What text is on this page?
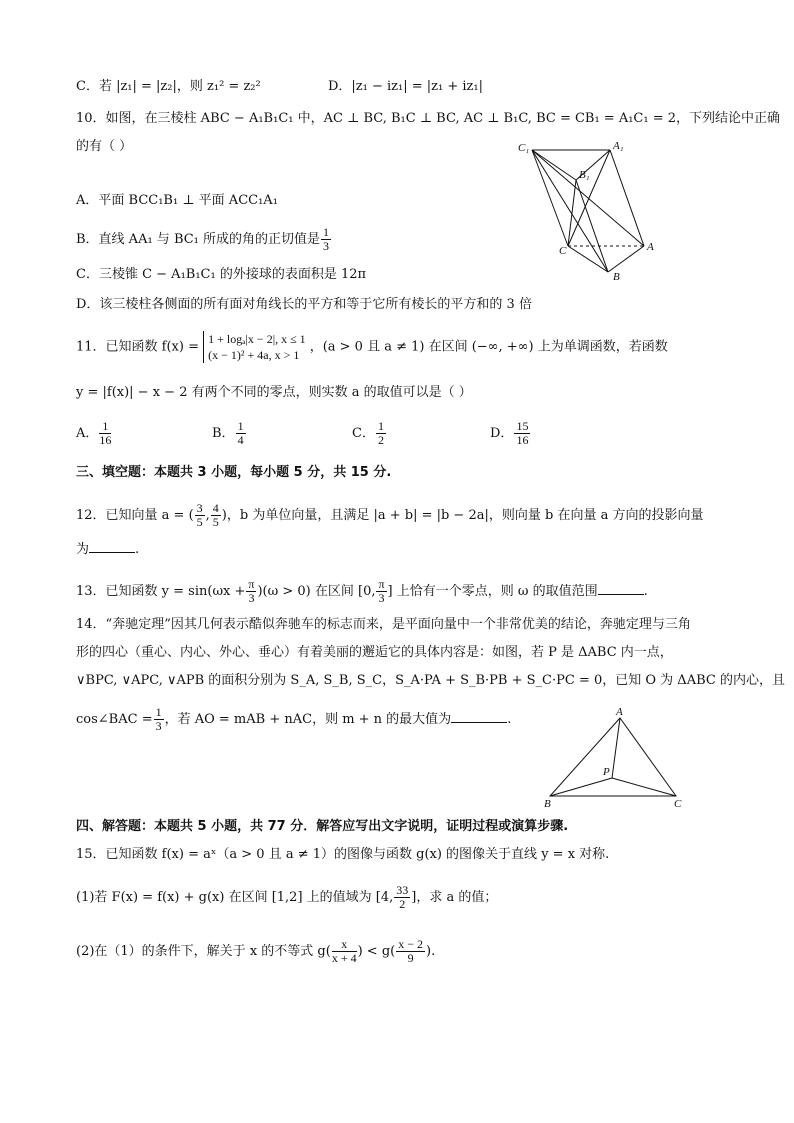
C．若 |z₁| = |z₂|，则 z₁² = z₂²	D．|z₁ − iz₁| = |z₁ + iz₁|
10．如图，在三棱柱 ABC − A₁B₁C₁ 中，AC ⊥ BC, B₁C ⊥ BC, AC ⊥ B₁C, BC = CB₁ = A₁C₁ = 2，下列结论中正确
的有（ ）
A．平面 BCC₁B₁ ⊥ 平面 ACC₁A₁
B．直线 AA₁ 与 BC₁ 所成的角的正切值是 $\frac{1}{3}$
C．三棱锥 C − A₁B₁C₁ 的外接球的表面积是 12π
D．该三棱柱各侧面的所有面对角线长的平方和等于它所有棱长的平方和的 3 倍
C₁	A₁
B₁
C	A
B
11．已知函数 f(x) =
1 + logₐ|x − 2|, x ≤ 1
(x − 1)² + 4a, x > 1
，(a > 0 且 a ≠ 1) 在区间 (−∞, +∞) 上为单调函数，若函数
y = |f(x)| − x − 2 有两个不同的零点，则实数 a 的取值可以是（ ）
A． $\frac{1}{16}$	B． $\frac{1}{4}$	C． $\frac{1}{2}$	D． $\frac{15}{16}$
三、填空题：本题共 3 小题，每小题 5 分，共 15 分.
12．已知向量 a = ( $\frac{3}{5}$ , $\frac{4}{5}$ )，b 为单位向量，且满足 |a + b| = |b − 2a|，则向量 b 在向量 a 方向的投影向量
为	.
13．已知函数 $y = \sin(\omega x + \frac{\pi}{3} )(\omega > 0)$ 在区间 [0, $\frac{\pi}{3}$ ] 上恰有一个零点，则 ω 的取值范围	.
14．“奔驰定理”因其几何表示酷似奔驰车的标志而来，是平面向量中一个非常优美的结论，奔驰定理与三角
形的四心（重心、内心、外心、垂心）有着美丽的邂逅它的具体内容是：如图，若 P 是 ΔABC 内一点，
∨BPC, ∨APC, ∨APB 的面积分别为 S_A, S_B, S_C，S_A·PA + S_B·PB + S_C·PC = 0，已知 O 为 ΔABC 的内心，且
cos∠BAC = $\frac{1}{3}$ ，若 AO = mAB + nAC，则 m + n 的最大值为	.	A
B	C
P
四、解答题：本题共 5 小题，共 77 分．解答应写出文字说明，证明过程或演算步骤.
15．已知函数 f(x) = aˣ（a > 0 且 a ≠ 1）的图像与函数 g(x) 的图像关于直线 y = x 对称.
(1)若 F(x) = f(x) + g(x) 在区间 [1,2] 上的值域为 [4, $\frac{33}{2}$ ]，求 a 的值；
(2)在（1）的条件下，解关于 x 的不等式 $g( \frac{x}{x + 4}$ ) < $g( \frac{x - 2}{9}$ ).
